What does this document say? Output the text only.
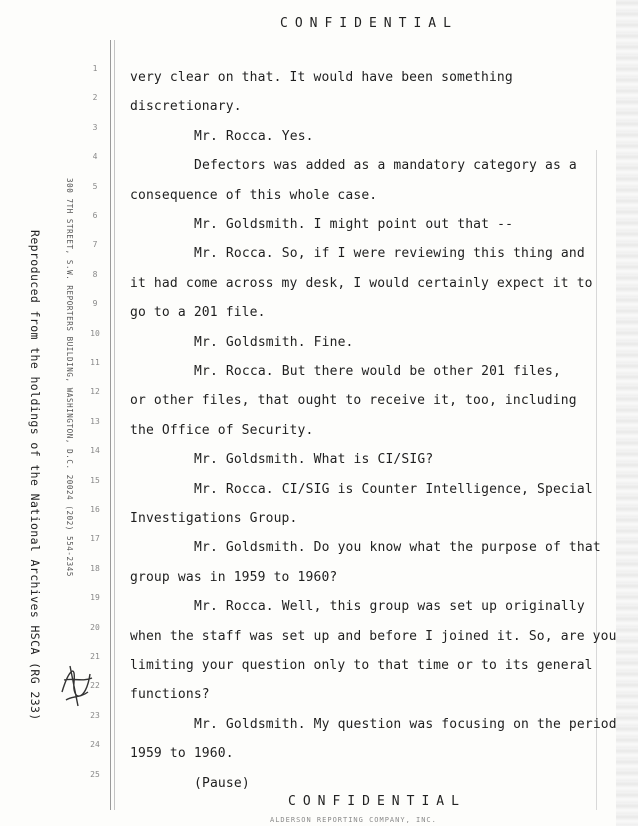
CONFIDENTIAL
Reproduced from the holdings of the National Archives HSCA (RG 233)	300 7TH STREET, S.W. REPORTERS BUILDING, WASHINGTON, D.C. 20024 (202) 554-2345
1
2
3
4
5
6
7
8
9
10
11
12
13
14
15
16
17
18
19
20
21
22
23
24
25
very clear on that. It would have been something
discretionary.
Mr. Rocca. Yes.
Defectors was added as a mandatory category as a
consequence of this whole case.
Mr. Goldsmith. I might point out that --
Mr. Rocca. So, if I were reviewing this thing and
it had come across my desk, I would certainly expect it to
go to a 201 file.
Mr. Goldsmith. Fine.
Mr. Rocca. But there would be other 201 files,
or other files, that ought to receive it, too, including
the Office of Security.
Mr. Goldsmith. What is CI/SIG?
Mr. Rocca. CI/SIG is Counter Intelligence, Special
Investigations Group.
Mr. Goldsmith. Do you know what the purpose of that
group was in 1959 to 1960?
Mr. Rocca. Well, this group was set up originally
when the staff was set up and before I joined it. So, are you
limiting your question only to that time or to its general
functions?
Mr. Goldsmith. My question was focusing on the period
1959 to 1960.
(Pause)
CONFIDENTIAL
ALDERSON REPORTING COMPANY, INC.
